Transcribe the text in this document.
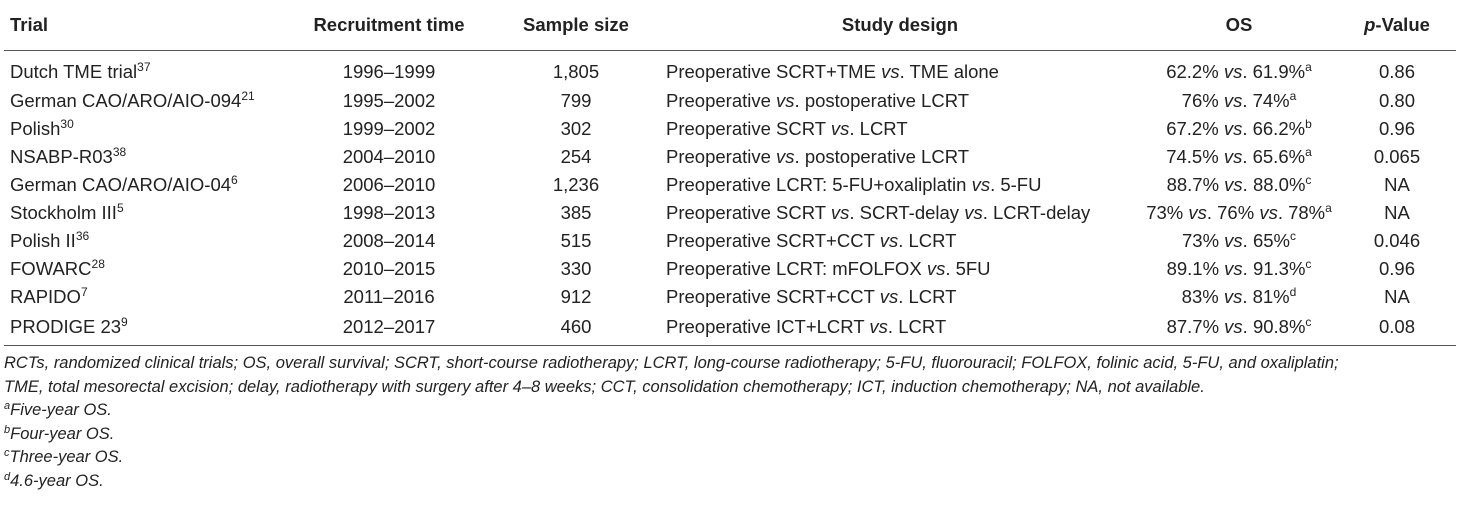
Trial	Recruitment time	Sample size	Study design	OS	p-Value
Dutch TME trial$^{37}$	1996–1999	1,805	Preoperative SCRT+TME vs. TME alone	62.2% vs. 61.9%$^a$	0.86
German CAO/$ARO/AIO-094^{21}$	1995–2002	799	Preoperative vs. postoperative LCRT	76% vs. 74%$^a$	0.80
Polish$^{30}$	1999–2002	302	Preoperative SCRT vs. LCRT	67.2% vs. 66.2%$^b$	0.96
NSABP-$R03^{38}$	2004–2010	254	Preoperative vs. postoperative LCRT	74.5% vs. 65.6%$^a$	0.065
German CAO/$ARO/AIO-04^6$	2006–2010	1,236	Preoperative LCRT: 5-FU+oxaliplatin vs. 5-FU	88.7% vs. 88.0%$^c$	NA
Stockholm III$^5$	1998–2013	385	Preoperative SCRT vs. SCRT-delay vs. LCRT-delay	73% vs. 76% vs. 78%$^a$	NA
Polish II$^{36}$	2008–2014	515	Preoperative SCRT+CCT vs. LCRT	73% vs. 65%$^c$	0.046
FOWARC$^{28}$	2010–2015	330	Preoperative LCRT: mFOLFOX vs. 5FU	89.1% vs. 91.3%$^c$	0.96
RAPIDO$^7$	2011–2016	912	Preoperative SCRT+CCT vs. LCRT	83% vs. 81%$^d$	NA
PRODIGE $23^9$	2012–2017	460	Preoperative ICT+LCRT vs. LCRT	87.7% vs. 90.8%$^c$	0.08

RCTs, randomized clinical trials; OS, overall survival; SCRT, short-course radiotherapy; LCRT, long-course radiotherapy; 5-FU, fluorouracil; FOLFOX, folinic acid, 5-FU, and oxaliplatin;

TME, total mesorectal excision; delay, radiotherapy with surgery after 4–8 weeks; CCT, consolidation chemotherapy; ICT, induction chemotherapy; NA, not available.

$^a$Five-year OS.

$^b$Four-year OS.

$^c$Three-year OS.

$^d$4.6-year OS.
